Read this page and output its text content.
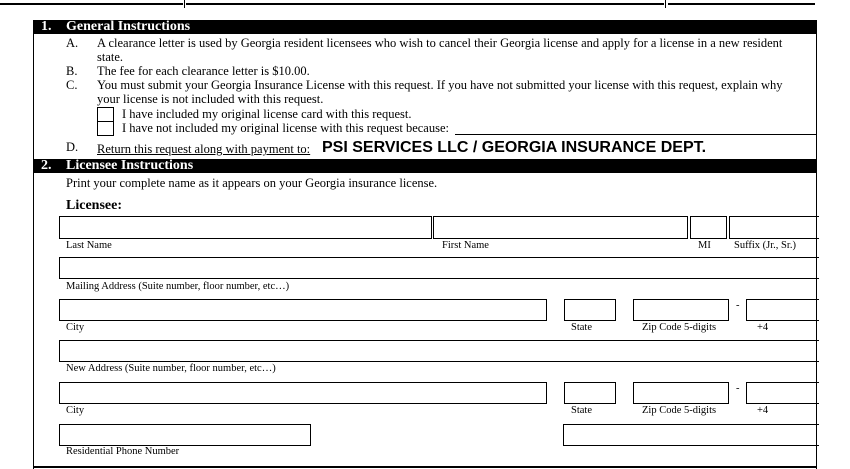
1. General Instructions
A. A clearance letter is used by Georgia resident licensees who wish to cancel their Georgia license and apply for a license in a new resident
state.
B. The fee for each clearance letter is $10.00.
C. You must submit your Georgia Insurance License with this request. If you have not submitted your license with this request, explain why
your license is not included with this request.
I have included my original license card with this request.
I have not included my original license with this request because:
D. Return this request along with payment to: PSI SERVICES LLC / GEORGIA INSURANCE DEPT.
2. Licensee Instructions
Print your complete name as it appears on your Georgia insurance license.
Licensee:
Last Name	First Name	MI Suffix (Jr., Sr.)
Mailing Address (Suite number, floor number, etc…)
-
City	State	Zip Code 5-digits	+4
New Address (Suite number, floor number, etc…)
-
City	State	Zip Code 5-digits	+4
Residential Phone Number
